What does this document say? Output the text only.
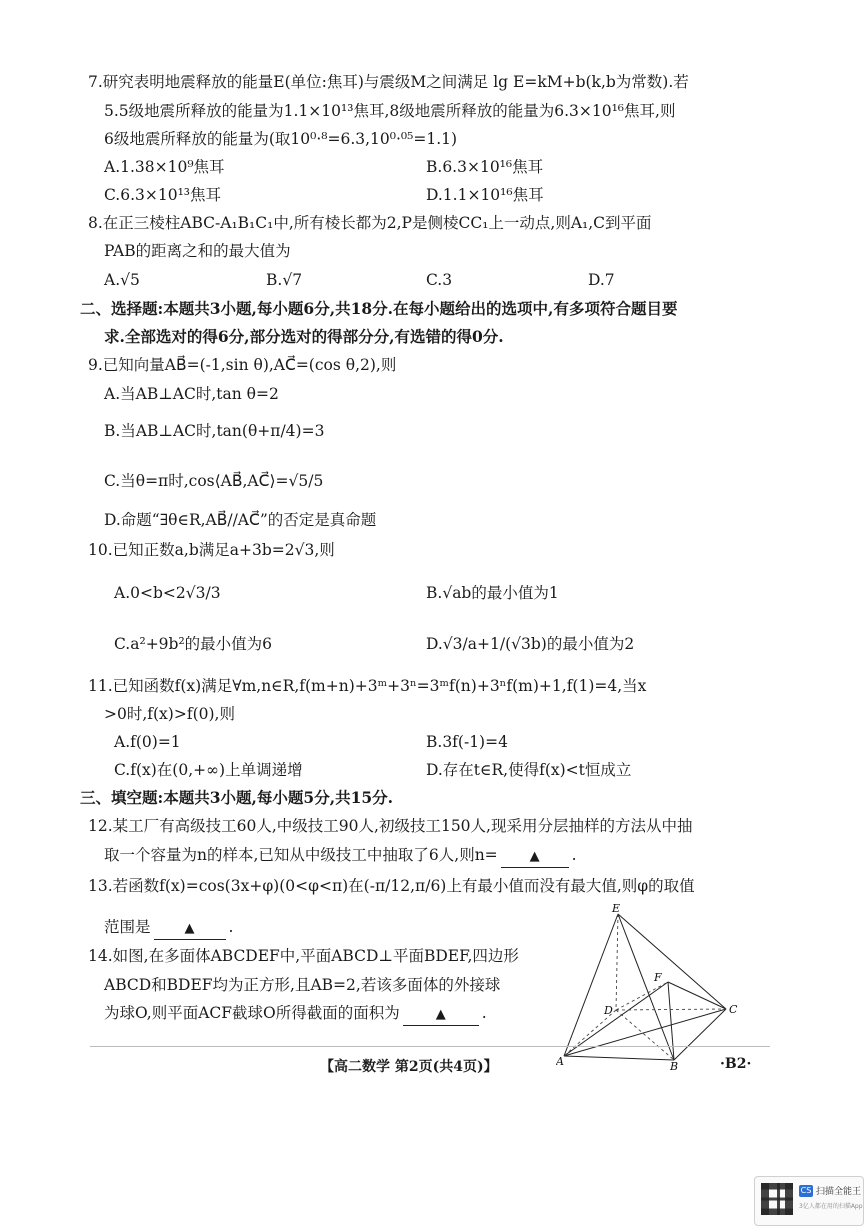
7.研究表明地震释放的能量E(单位:焦耳)与震级M之间满足 lg E=kM+b(k,b为常数).若
5.5级地震所释放的能量为1.1×10¹³焦耳,8级地震所释放的能量为6.3×10¹⁶焦耳,则
6级地震所释放的能量为(取10⁰·⁸=6.3,10⁰·⁰⁵=1.1)
A.1.38×10⁹焦耳	B.6.3×10¹⁶焦耳
C.6.3×10¹³焦耳	D.1.1×10¹⁶焦耳
8.在正三棱柱ABC-A₁B₁C₁中,所有棱长都为2,P是侧棱CC₁上一动点,则A₁,C到平面
PAB的距离之和的最大值为
A.√5	B.√7	C.3	D.7
二、选择题:本题共3小题,每小题6分,共18分.在每小题给出的选项中,有多项符合题目要
求.全部选对的得6分,部分选对的得部分分,有选错的得0分.
9.已知向量AB⃗=(-1,sin θ),AC⃗=(cos θ,2),则
A.当AB⊥AC时,tan θ=2
B.当AB⊥AC时,tan(θ+π/4)=3
C.当θ=π时,cos⟨AB⃗,AC⃗⟩=√5/5
D.命题“∃θ∈R,AB⃗//AC⃗”的否定是真命题
10.已知正数a,b满足a+3b=2√3,则
A.0<b<2√3/3	B.√ab的最小值为1
C.a²+9b²的最小值为6	D.√3/a+1/(√3b)的最小值为2
11.已知函数f(x)满足∀m,n∈R,f(m+n)+3ᵐ+3ⁿ=3ᵐf(n)+3ⁿf(m)+1,f(1)=4,当x
>0时,f(x)>f(0),则
A.f(0)=1	B.3f(-1)=4
C.f(x)在(0,+∞)上单调递增	D.存在t∈R,使得f(x)<t恒成立
三、填空题:本题共3小题,每小题5分,共15分.
12.某工厂有高级技工60人,中级技工90人,初级技工150人,现采用分层抽样的方法从中抽
取一个容量为n的样本,已知从中级技工中抽取了6人,则n= ▲ .
13.若函数f(x)=cos(3x+φ)(0<φ<π)在(-π/12,π/6)上有最小值而没有最大值,则φ的取值
范围是	▲ .
14.如图,在多面体ABCDEF中,平面ABCD⊥平面BDEF,四边形
ABCD和BDEF均为正方形,且AB=2,若该多面体的外接球
为球O,则平面ACF截球O所得截面的面积为	▲ .
E
F
D	C
A	B
【高二数学 第2页(共4页)】	·B2·
CS 扫描全能王
3亿人都在用的扫描App
